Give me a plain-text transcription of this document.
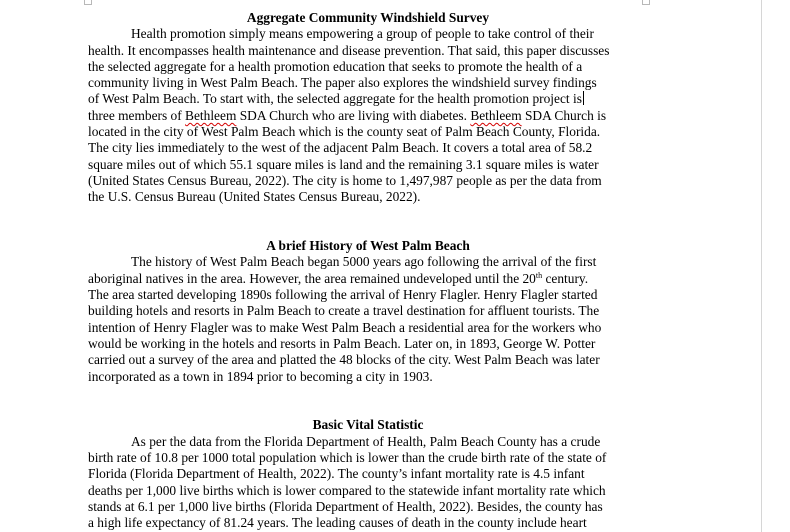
Aggregate Community Windshield Survey

Health promotion simply means empowering a group of people to take control of their
health. It encompasses health maintenance and disease prevention. That said, this paper discusses
the selected aggregate for a health promotion education that seeks to promote the health of a
community living in West Palm Beach. The paper also explores the windshield survey findings
of West Palm Beach. To start with, the selected aggregate for the health promotion project is
three members of Bethleem SDA Church who are living with diabetes. Bethleem SDA Church is
located in the city of West Palm Beach which is the county seat of Palm Beach County, Florida.
The city lies immediately to the west of the adjacent Palm Beach. It covers a total area of 58.2
square miles out of which 55.1 square miles is land and the remaining 3.1 square miles is water
(United States Census Bureau, 2022). The city is home to 1,497,987 people as per the data from
the U.S. Census Bureau (United States Census Bureau, 2022).

A brief History of West Palm Beach

The history of West Palm Beach began 5000 years ago following the arrival of the first
aboriginal natives in the area. However, the area remained undeveloped until the 20th century.
The area started developing 1890s following the arrival of Henry Flagler. Henry Flagler started
building hotels and resorts in Palm Beach to create a travel destination for affluent tourists. The
intention of Henry Flagler was to make West Palm Beach a residential area for the workers who
would be working in the hotels and resorts in Palm Beach. Later on, in 1893, George W. Potter
carried out a survey of the area and platted the 48 blocks of the city. West Palm Beach was later
incorporated as a town in 1894 prior to becoming a city in 1903.

Basic Vital Statistic

As per the data from the Florida Department of Health, Palm Beach County has a crude
birth rate of 10.8 per 1000 total population which is lower than the crude birth rate of the state of
Florida (Florida Department of Health, 2022). The county’s infant mortality rate is 4.5 infant
deaths per 1,000 live births which is lower compared to the statewide infant mortality rate which
stands at 6.1 per 1,000 live births (Florida Department of Health, 2022). Besides, the county has
a high life expectancy of 81.24 years. The leading causes of death in the county include heart
